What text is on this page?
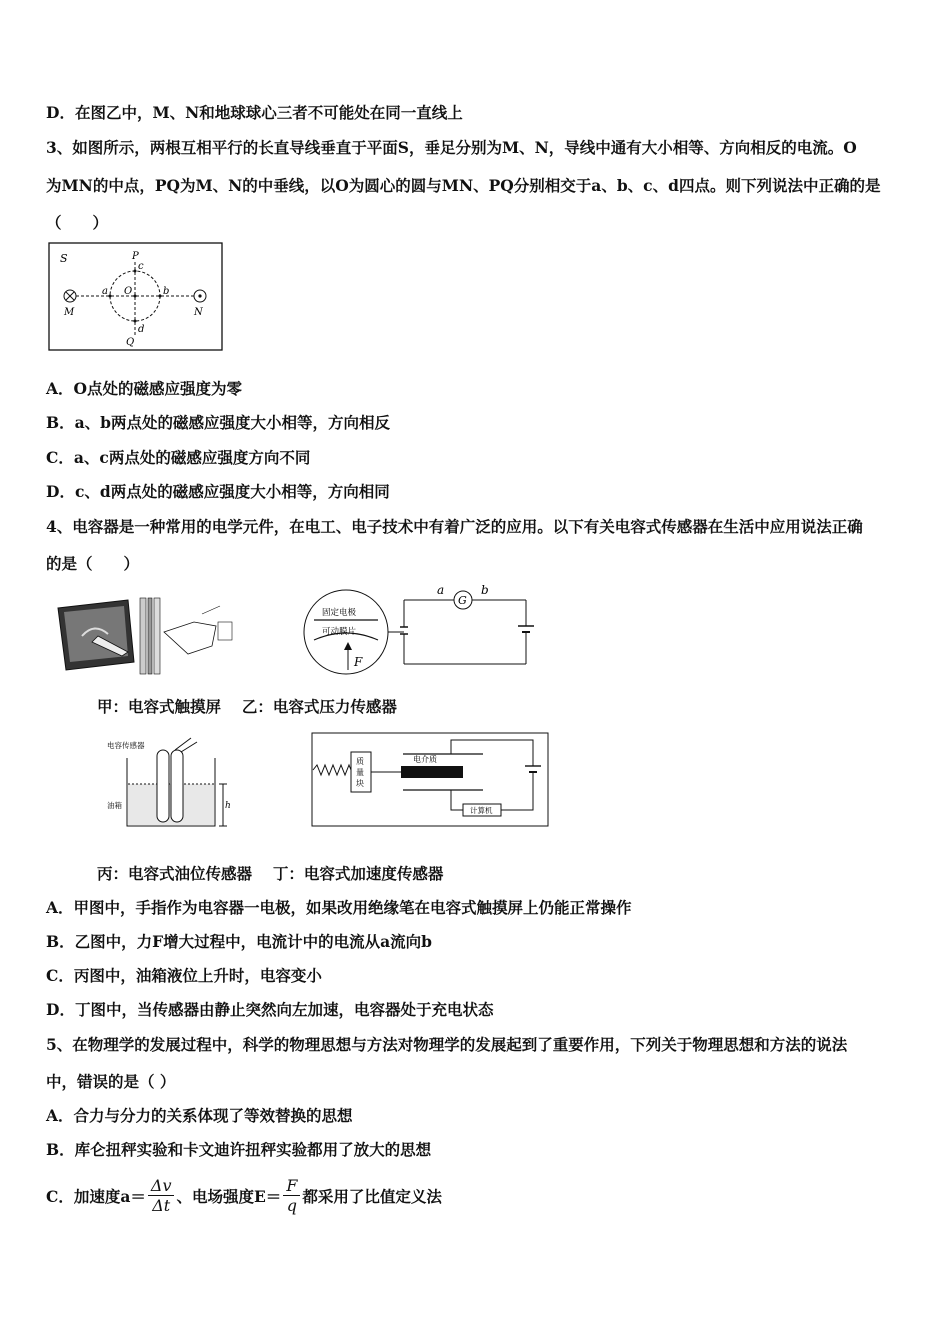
D．在图乙中，M、N和地球球心三者不可能处在同一直线上
3、如图所示，两根互相平行的长直导线垂直于平面S，垂足分别为M、N，导线中通有大小相等、方向相反的电流。O
为MN的中点，PQ为M、N的中垂线，以O为圆心的圆与MN、PQ分别相交于a、b、c、d四点。则下列说法中正确的是
（　　）
S	P
c
a O	b
M	N
d
Q
A．O点处的磁感应强度为零
B．a、b两点处的磁感应强度大小相等，方向相反
C．a、c两点处的磁感应强度方向不同
D．c、d两点处的磁感应强度大小相等，方向相同
4、电容器是一种常用的电学元件，在电工、电子技术中有着广泛的应用。以下有关电容式传感器在生活中应用说法正确
的是（　　）
固定电极
可动膜片
F
G
a	b
甲：电容式触摸屏　 乙：电容式压力传感器
电容传感器
油箱	h
质
量
块
电介质
计算机
丙：电容式油位传感器　 丁：电容式加速度传感器
A．甲图中，手指作为电容器一电极，如果改用绝缘笔在电容式触摸屏上仍能正常操作
B．乙图中，力F增大过程中，电流计中的电流从a流向b
C．丙图中，油箱液位上升时，电容变小
D．丁图中，当传感器由静止突然向左加速，电容器处于充电状态
5、在物理学的发展过程中，科学的物理思想与方法对物理学的发展起到了重要作用，下列关于物理思想和方法的说法
中，错误的是（ ）
A．合力与分力的关系体现了等效替换的思想
B．库仑扭秤实验和卡文迪许扭秤实验都用了放大的思想
C．加速度$a= \frac{\Delta v}{\Delta t}$ 、电场强度$E= \frac{F}{q}$ 都采用了比值定义法
